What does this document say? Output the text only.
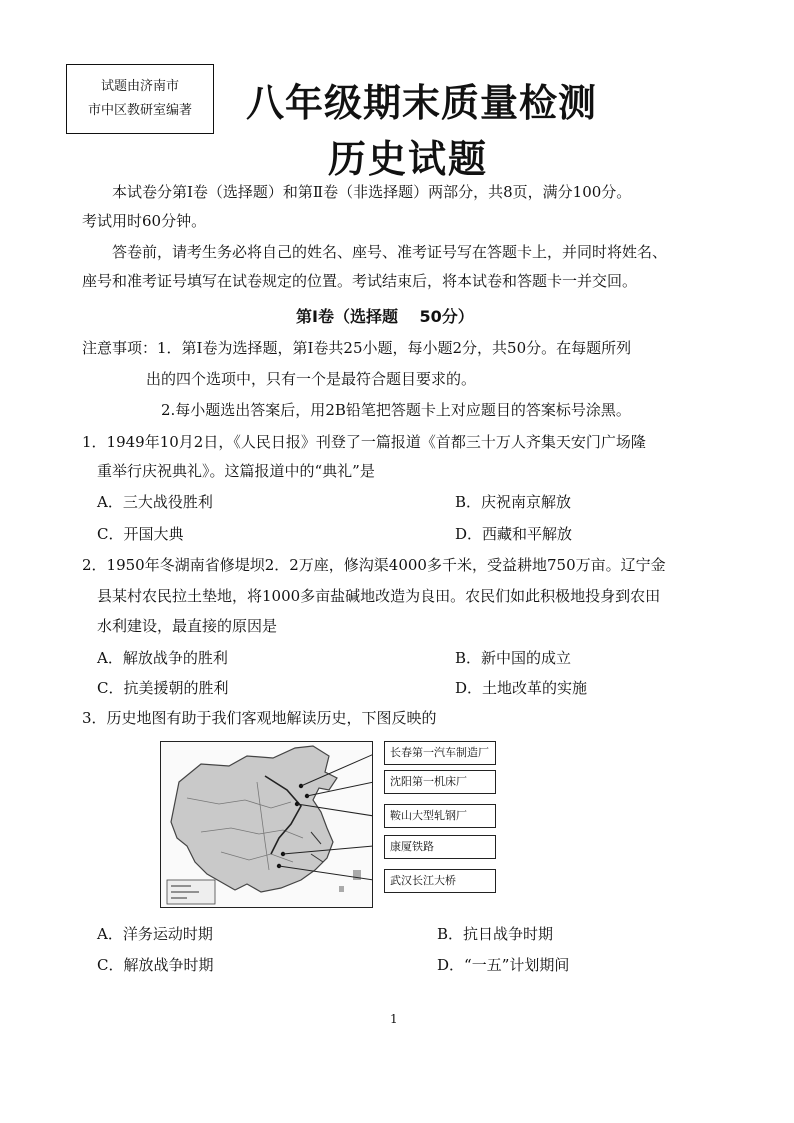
试题由济南市
市中区教研室编著 八年级期末质量检测
历史试题
本试卷分第Ⅰ卷（选择题）和第Ⅱ卷（非选择题）两部分，共8页，满分100分。
考试用时60分钟。
答卷前，请考生务必将自己的姓名、座号、准考证号写在答题卡上，并同时将姓名、
座号和准考证号填写在试卷规定的位置。考试结束后，将本试卷和答题卡一并交回。
第Ⅰ卷（选择题　 50分）
注意事项：1．第Ⅰ卷为选择题，第Ⅰ卷共25小题，每小题2分，共50分。在每题所列
出的四个选项中，只有一个是最符合题目要求的。
2.每小题选出答案后，用2B铅笔把答题卡上对应题目的答案标号涂黑。
1．1949年10月2日，《人民日报》刊登了一篇报道《首都三十万人齐集天安门广场隆
重举行庆祝典礼》。这篇报道中的“典礼”是
A．三大战役胜利	B．庆祝南京解放
C．开国大典	D．西藏和平解放
2．1950年冬湖南省修堤坝2．2万座，修沟渠4000多千米，受益耕地750万亩。辽宁金
县某村农民拉土垫地，将1000多亩盐碱地改造为良田。农民们如此积极地投身到农田
水利建设，最直接的原因是
A．解放战争的胜利	B．新中国的成立
C．抗美援朝的胜利	D．土地改革的实施
3．历史地图有助于我们客观地解读历史，下图反映的
长春第一汽车制造厂
沈阳第一机床厂
鞍山大型轧钢厂
康厦铁路
武汉长江大桥
A．洋务运动时期	B．抗日战争时期
C．解放战争时期	D．“一五”计划期间
1
